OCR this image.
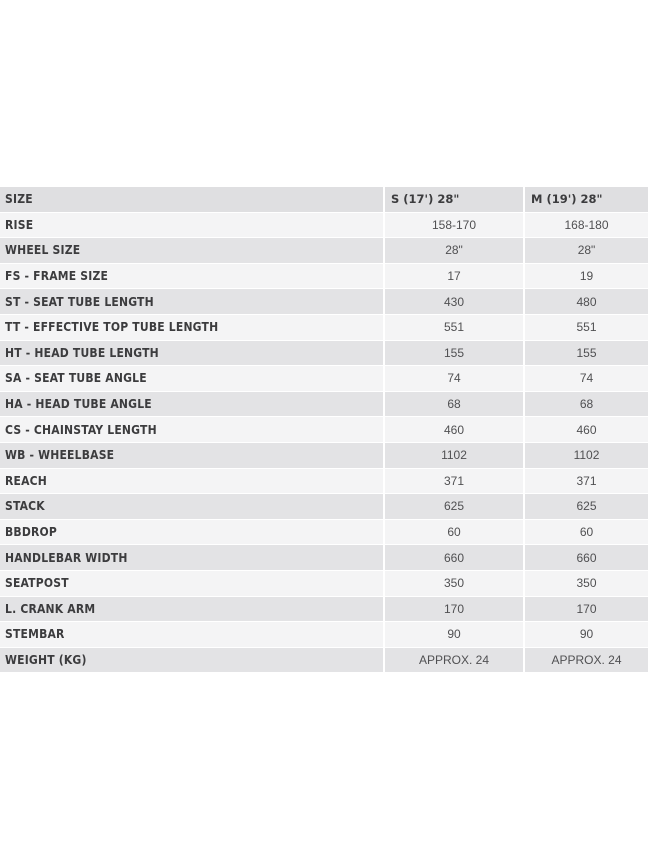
SIZE	S (17') 28"	M (19') 28"
RISE	158-170	168-180
WHEEL SIZE	28"	28"
FS - FRAME SIZE	17	19
ST - SEAT TUBE LENGTH	430	480
TT - EFFECTIVE TOP TUBE LENGTH	551	551
HT - HEAD TUBE LENGTH	155	155
SA - SEAT TUBE ANGLE	74	74
HA - HEAD TUBE ANGLE	68	68
CS - CHAINSTAY LENGTH	460	460
WB - WHEELBASE	1102	1102
REACH	371	371
STACK	625	625
BBDROP	60	60
HANDLEBAR WIDTH	660	660
SEATPOST	350	350
L. CRANK ARM	170	170
STEMBAR	90	90
WEIGHT (KG)	APPROX. 24	APPROX. 24
